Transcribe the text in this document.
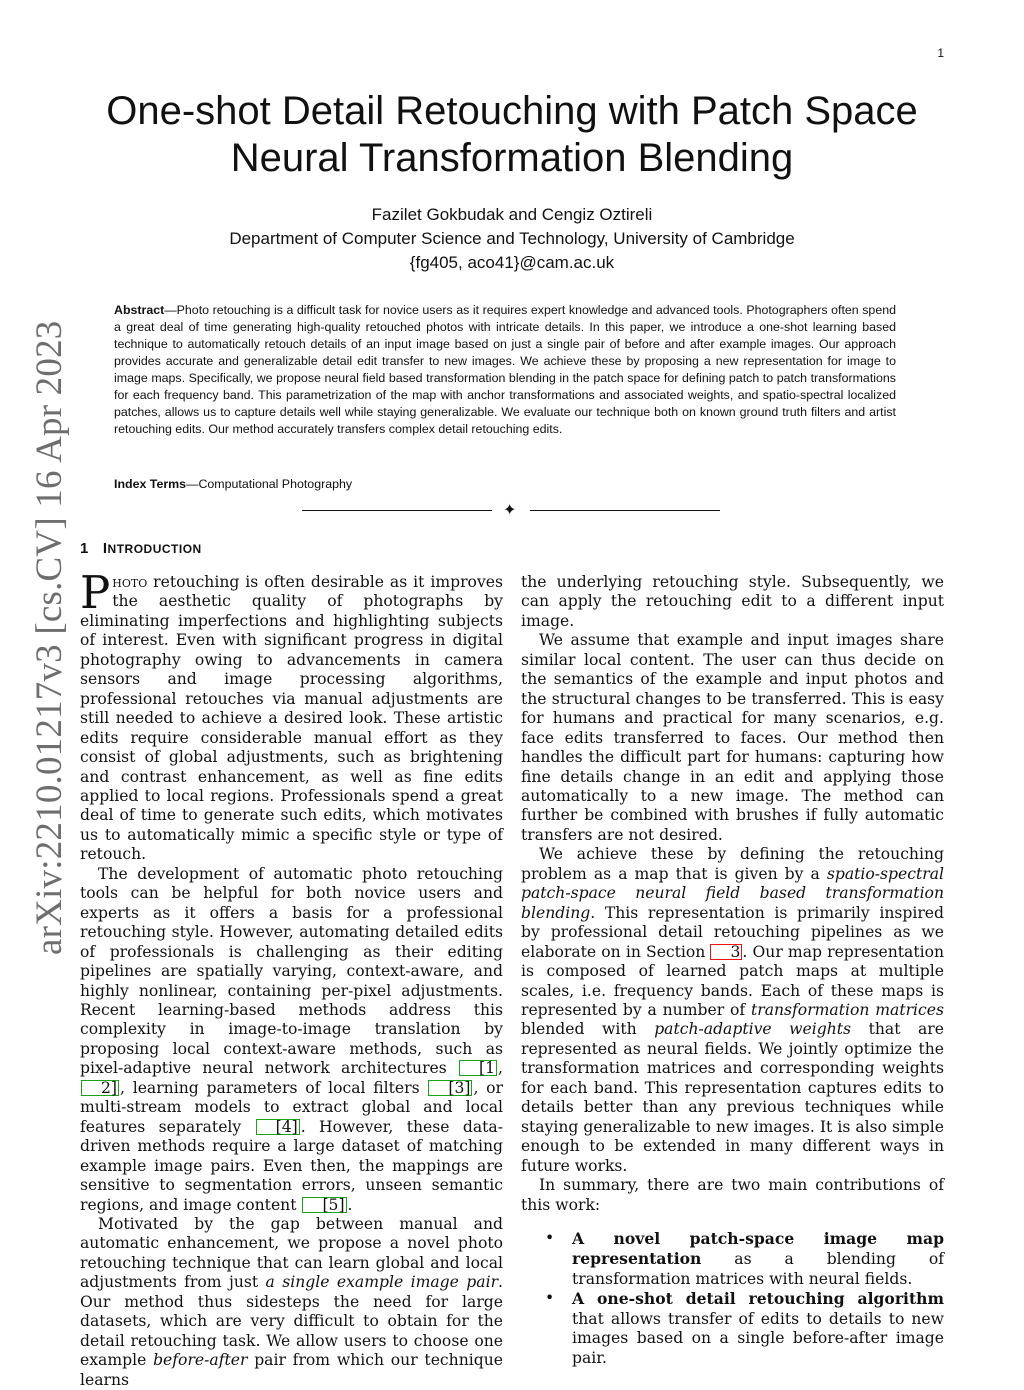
1
arXiv:2210.01217v3 [cs.CV] 16 Apr 2023
One-shot Detail Retouching with Patch Space
Neural Transformation Blending
Fazilet Gokbudak and Cengiz Oztireli
Department of Computer Science and Technology, University of Cambridge
{fg405, aco41}@cam.ac.uk
Abstract—Photo retouching is a difficult task for novice users as it requires expert knowledge and advanced tools. Photographers often spend a great deal of time generating high-quality retouched photos with intricate details. In this paper, we introduce a one-shot learning based technique to automatically retouch details of an input image based on just a single pair of before and after example images. Our approach provides accurate and generalizable detail edit transfer to new images. We achieve these by proposing a new representation for image to image maps. Specifically, we propose neural field based transformation blending in the patch space for defining patch to patch transformations for each frequency band. This parametrization of the map with anchor transformations and associated weights, and spatio-spectral localized patches, allows us to capture details well while staying generalizable. We evaluate our technique both on known ground truth filters and artist retouching edits. Our method accurately transfers complex detail retouching edits.
Index Terms—Computational Photography
✦
1 INTRODUCTION

Photo retouching is often desirable as it improves the aesthetic quality of photographs by eliminating imperfections and highlighting subjects of interest. Even with significant progress in digital photography owing to advancements in camera sensors and image processing algorithms, professional retouches via manual adjustments are still needed to achieve a desired look. These artistic edits require considerable manual effort as they consist of global adjustments, such as brightening and contrast enhancement, as well as fine edits applied to local regions. Professionals spend a great deal of time to generate such edits, which motivates us to automatically mimic a specific style or type of retouch.

The development of automatic photo retouching tools can be helpful for both novice users and experts as it offers a basis for a professional retouching style. However, automating detailed edits of professionals is challenging as their editing pipelines are spatially varying, context-aware, and highly nonlinear, containing per-pixel adjustments. Recent learning-based methods address this complexity in image-to-image translation by proposing local context-aware methods, such as pixel-adaptive neural network architectures [1 , 2] , learning parameters of local filters [3] , or multi-stream models to extract global and local features separately [4] . However, these data-driven methods require a large dataset of matching example image pairs. Even then, the mappings are sensitive to segmentation errors, unseen semantic regions, and image content [5] .

Motivated by the gap between manual and automatic enhancement, we propose a novel photo retouching technique that can learn global and local adjustments from just a single example image pair. Our method thus sidesteps the need for large datasets, which are very difficult to obtain for the detail retouching task. We allow users to choose one example before-after pair from which our technique learns

the underlying retouching style. Subsequently, we can apply the retouching edit to a different input image.

We assume that example and input images share similar local content. The user can thus decide on the semantics of the example and input photos and the structural changes to be transferred. This is easy for humans and practical for many scenarios, e.g. face edits transferred to faces. Our method then handles the difficult part for humans: capturing how fine details change in an edit and applying those automatically to a new image. The method can further be combined with brushes if fully automatic transfers are not desired.

We achieve these by defining the retouching problem as a map that is given by a spatio-spectral patch-space neural field based transformation blending. This representation is primarily inspired by professional detail retouching pipelines as we elaborate on in Section 3 . Our map representation is composed of learned patch maps at multiple scales, i.e. frequency bands. Each of these maps is represented by a number of transformation matrices blended with patch-adaptive weights that are represented as neural fields. We jointly optimize the transformation matrices and corresponding weights for each band. This representation captures edits to details better than any previous techniques while staying generalizable to new images. It is also simple enough to be extended in many different ways in future works.

In summary, there are two main contributions of this work:

• A novel patch-space image map representation as a blending of transformation matrices with neural fields.
• A one-shot detail retouching algorithm that allows transfer of edits to details to new images based on a single before-after image pair.
